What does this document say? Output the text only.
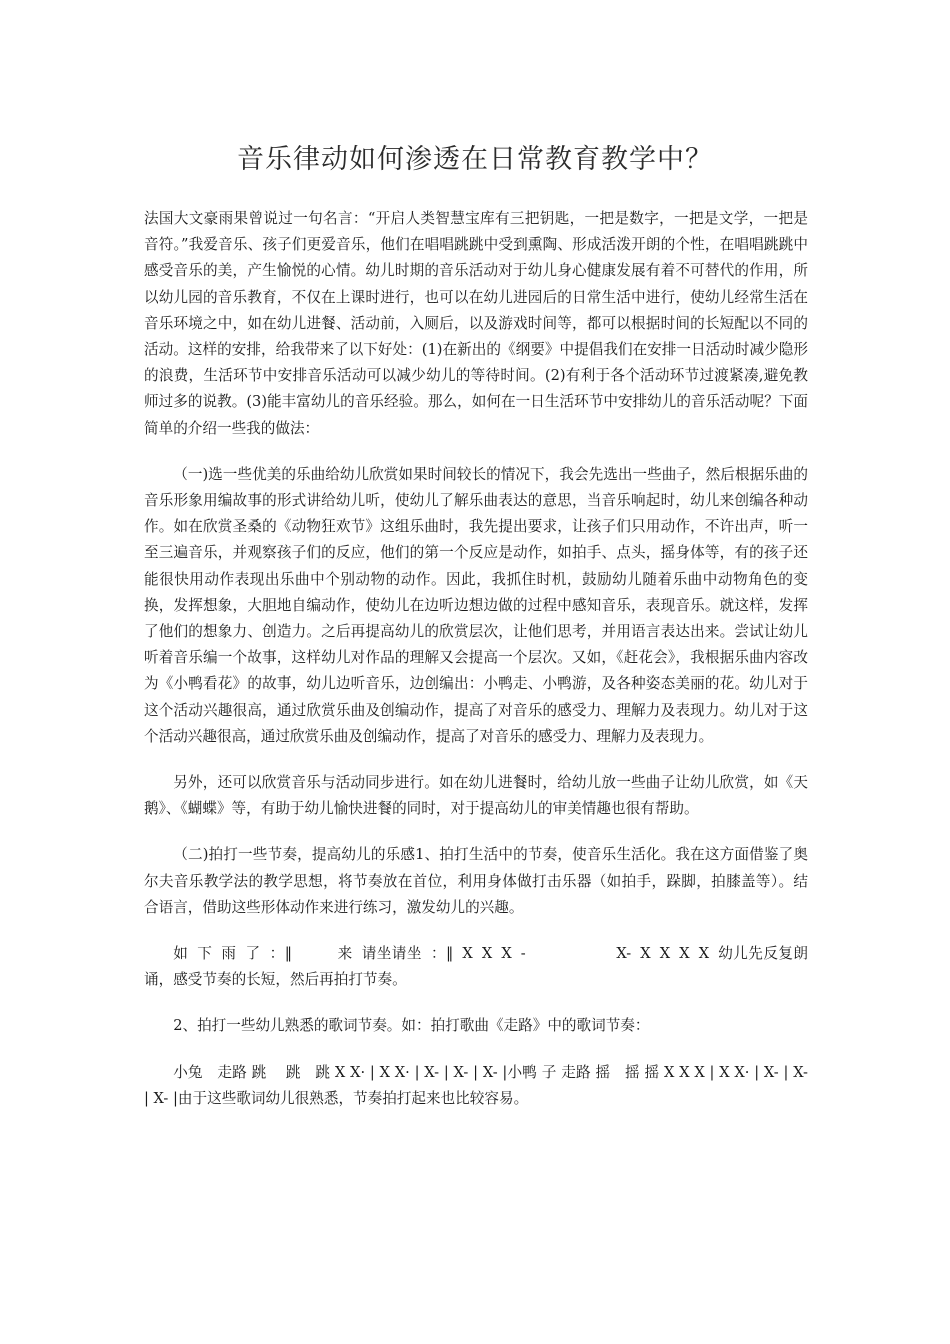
音乐律动如何渗透在日常教育教学中？

法国大文豪雨果曾说过一句名言：“开启人类智慧宝库有三把钥匙，一把是数字，一把是文学，一把是音符。”我爱音乐、孩子们更爱音乐，他们在唱唱跳跳中受到熏陶、形成活泼开朗的个性，在唱唱跳跳中感受音乐的美，产生愉悦的心情。幼儿时期的音乐活动对于幼儿身心健康发展有着不可替代的作用，所以幼儿园的音乐教育，不仅在上课时进行，也可以在幼儿进园后的日常生活中进行，使幼儿经常生活在音乐环境之中，如在幼儿进餐、活动前，入厕后，以及游戏时间等，都可以根据时间的长短配以不同的活动。这样的安排，给我带来了以下好处：(1)在新出的《纲要》中提倡我们在安排一日活动时减少隐形的浪费，生活环节中安排音乐活动可以减少幼儿的等待时间。(2)有利于各个活动环节过渡紧凑,避免教师过多的说教。(3)能丰富幼儿的音乐经验。那么，如何在一日生活环节中安排幼儿的音乐活动呢？下面简单的介绍一些我的做法：

（一)选一些优美的乐曲给幼儿欣赏如果时间较长的情况下，我会先选出一些曲子，然后根据乐曲的音乐形象用编故事的形式讲给幼儿听，使幼儿了解乐曲表达的意思，当音乐响起时，幼儿来创编各种动作。如在欣赏圣桑的《动物狂欢节》这组乐曲时，我先提出要求，让孩子们只用动作，不许出声，听一至三遍音乐，并观察孩子们的反应，他们的第一个反应是动作，如拍手、点头，摇身体等，有的孩子还能很快用动作表现出乐曲中个别动物的动作。因此，我抓住时机，鼓励幼儿随着乐曲中动物角色的变换，发挥想象，大胆地自编动作，使幼儿在边听边想边做的过程中感知音乐，表现音乐。就这样，发挥了他们的想象力、创造力。之后再提高幼儿的欣赏层次，让他们思考，并用语言表达出来。尝试让幼儿听着音乐编一个故事，这样幼儿对作品的理解又会提高一个层次。又如，《赶花会》，我根据乐曲内容改为《小鸭看花》的故事，幼儿边听音乐，边创编出：小鸭走、小鸭游，及各种姿态美丽的花。幼儿对于这个活动兴趣很高，通过欣赏乐曲及创编动作，提高了对音乐的感受力、理解力及表现力。幼儿对于这个活动兴趣很高，通过欣赏乐曲及创编动作，提高了对音乐的感受力、理解力及表现力。

另外，还可以欣赏音乐与活动同步进行。如在幼儿进餐时，给幼儿放一些曲子让幼儿欣赏，如《天鹅》、《蝴蝶》等，有助于幼儿愉快进餐的同时，对于提高幼儿的审美情趣也很有帮助。

（二)拍打一些节奏，提高幼儿的乐感1、拍打生活中的节奏，使音乐生活化。我在这方面借鉴了奥尔夫音乐教学法的教学思想，将节奏放在首位，利用身体做打击乐器（如拍手，跺脚，拍膝盖等）。结合语言，借助这些形体动作来进行练习，激发幼儿的兴趣。

如 下 雨 了 ：‖　　　来 请坐请坐 ：‖ X X X -　　　　　　X- X X X X 幼儿先反复朗诵，感受节奏的长短，然后再拍打节奏。

2、拍打一些幼儿熟悉的歌词节奏。如：拍打歌曲《走路》中的歌词节奏：

小兔　走路 跳　 跳　跳 X X· | X X· | X- | X- | X- |小鸭 子 走路 摇　摇 摇 X X X | X X· | X- | X- | X- |由于这些歌词幼儿很熟悉，节奏拍打起来也比较容易。
